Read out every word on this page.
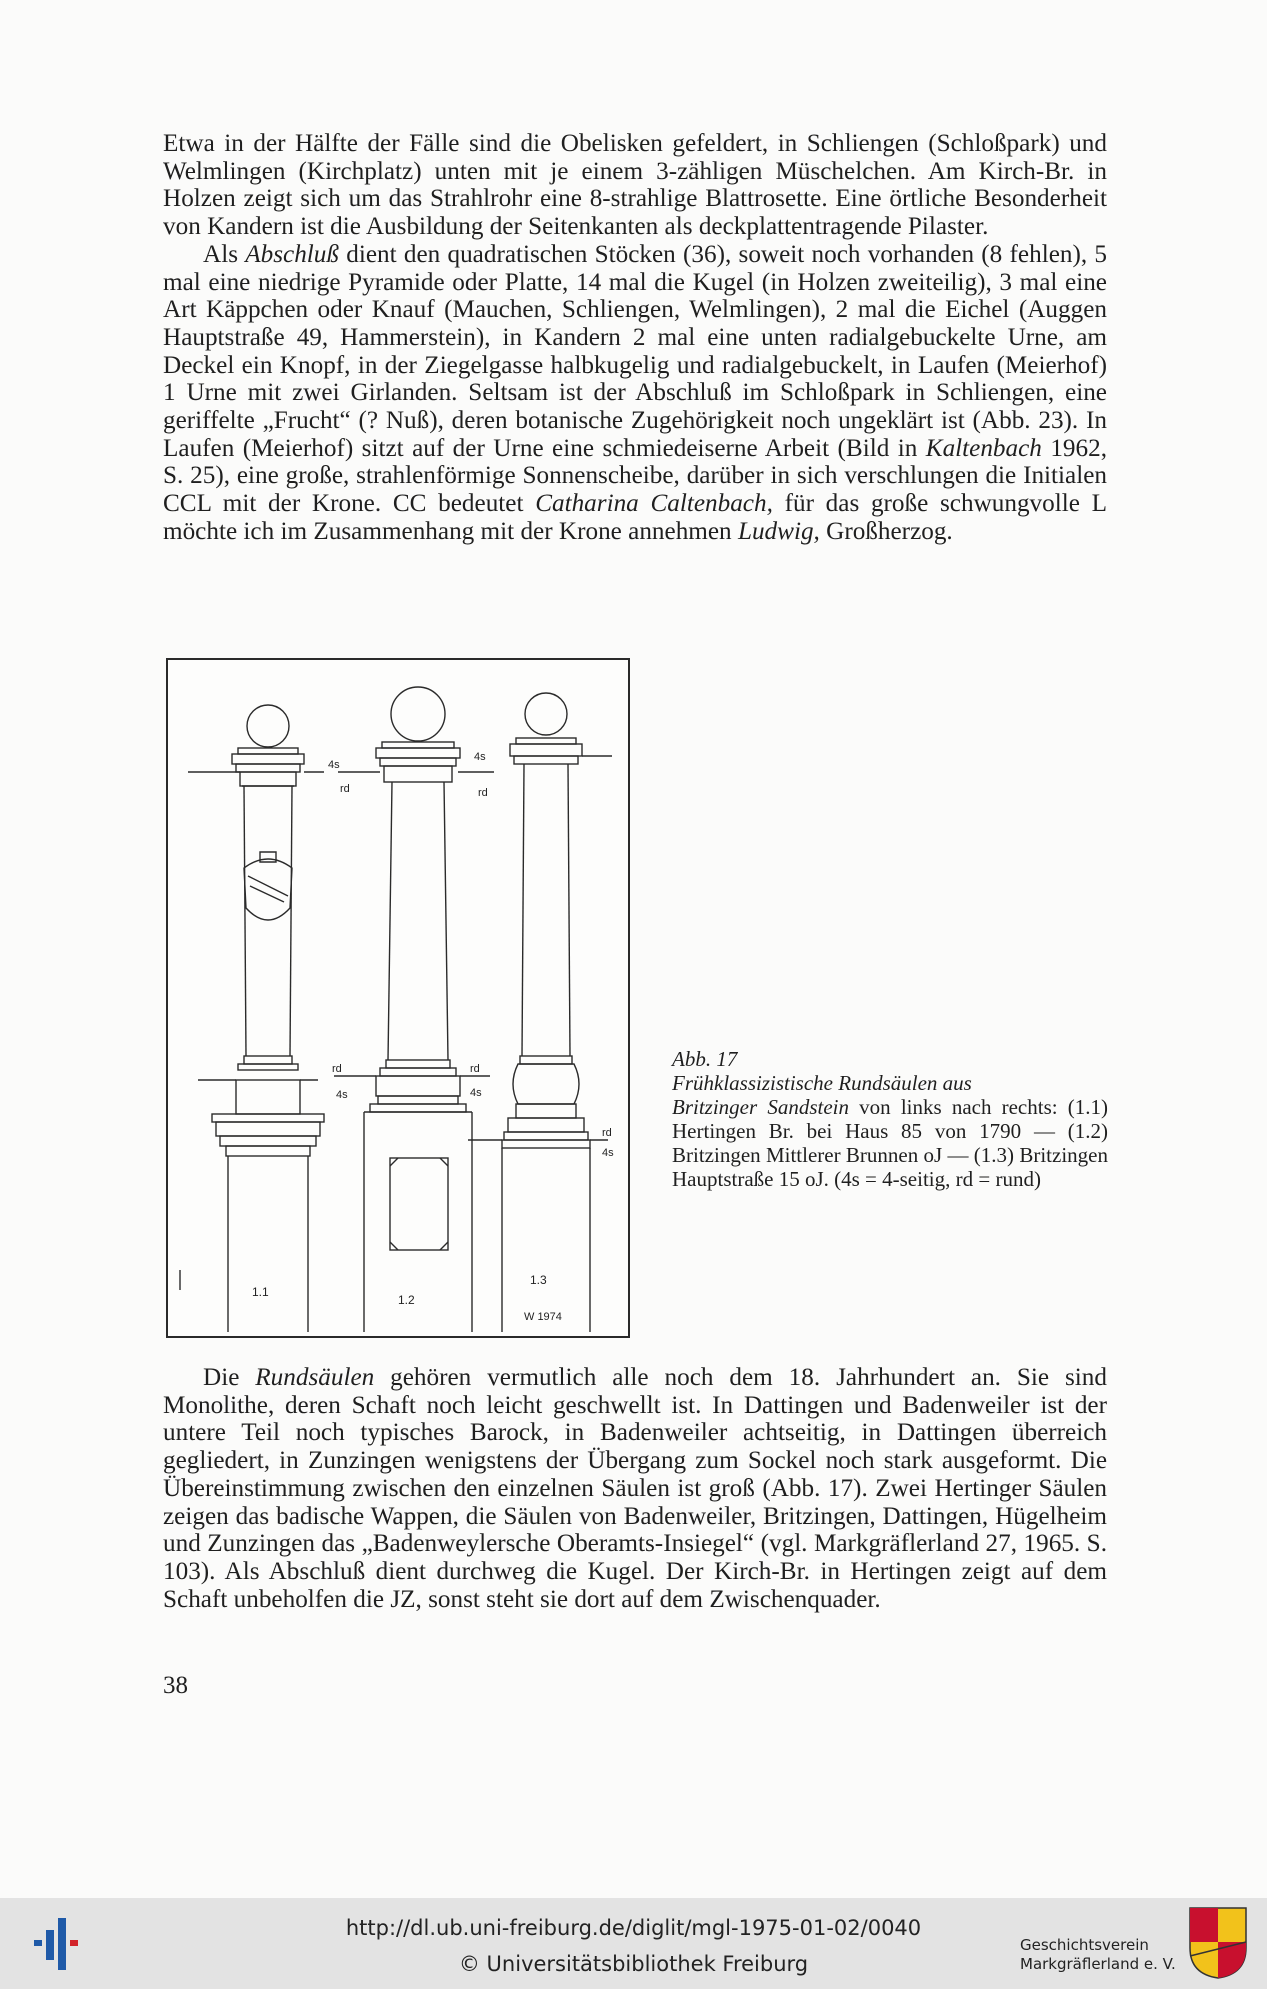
Etwa in der Hälfte der Fälle sind die Obelisken gefeldert, in Schliengen (Schloßpark) und Welmlingen (Kirchplatz) unten mit je einem 3-zähligen Müschelchen. Am Kirch-Br. in Holzen zeigt sich um das Strahlrohr eine 8-strahlige Blattrosette. Eine örtliche Besonderheit von Kandern ist die Ausbildung der Seitenkanten als deckplattentragende Pilaster.

Als Abschluß dient den quadratischen Stöcken (36), soweit noch vorhanden (8 fehlen), 5 mal eine niedrige Pyramide oder Platte, 14 mal die Kugel (in Holzen zweiteilig), 3 mal eine Art Käppchen oder Knauf (Mauchen, Schliengen, Welmlingen), 2 mal die Eichel (Auggen Hauptstraße 49, Hammerstein), in Kandern 2 mal eine unten radialgebuckelte Urne, am Deckel ein Knopf, in der Ziegelgasse halbkugelig und radialgebuckelt, in Laufen (Meierhof) 1 Urne mit zwei Girlanden. Seltsam ist der Abschluß im Schloßpark in Schliengen, eine geriffelte „Frucht“ (? Nuß), deren botanische Zugehörigkeit noch ungeklärt ist (Abb. 23). In Laufen (Meierhof) sitzt auf der Urne eine schmiedeiserne Arbeit (Bild in Kaltenbach 1962, S. 25), eine große, strahlenförmige Sonnenscheibe, darüber in sich verschlungen die Initialen CCL mit der Krone. CC bedeutet Catharina Caltenbach, für das große schwungvolle L möchte ich im Zusammenhang mit der Krone annehmen Ludwig, Großherzog.

4s
rd
4s
rd
rd
4s
rd
4s
rd
4s
1.1
1.2
1.3
W 1974
Abb. 17
Frühklassizistische Rundsäulen aus
Britzinger Sandstein von links nach rechts: (1.1) Hertingen Br. bei Haus 85 von 1790 — (1.2) Britzingen Mittlerer Brunnen oJ — (1.3) Britzingen Hauptstraße 15 oJ. (4s = 4-seitig, rd = rund)

Die Rundsäulen gehören vermutlich alle noch dem 18. Jahrhundert an. Sie sind Monolithe, deren Schaft noch leicht geschwellt ist. In Dattingen und Badenweiler ist der untere Teil noch typisches Barock, in Badenweiler achtseitig, in Dattingen überreich gegliedert, in Zunzingen wenigstens der Übergang zum Sockel noch stark ausgeformt. Die Übereinstimmung zwischen den einzelnen Säulen ist groß (Abb. 17). Zwei Hertinger Säulen zeigen das badische Wappen, die Säulen von Badenweiler, Britzingen, Dattingen, Hügelheim und Zunzingen das „Badenweylersche Oberamts-Insiegel“ (vgl. Markgräflerland 27, 1965. S. 103). Als Abschluß dient durchweg die Kugel. Der Kirch-Br. in Hertingen zeigt auf dem Schaft unbeholfen die JZ, sonst steht sie dort auf dem Zwischenquader.

38
http://dl.ub.uni-freiburg.de/diglit/mgl-1975-01-02/0040
© Universitätsbibliothek Freiburg
Geschichtsverein
Markgräflerland e. V.
